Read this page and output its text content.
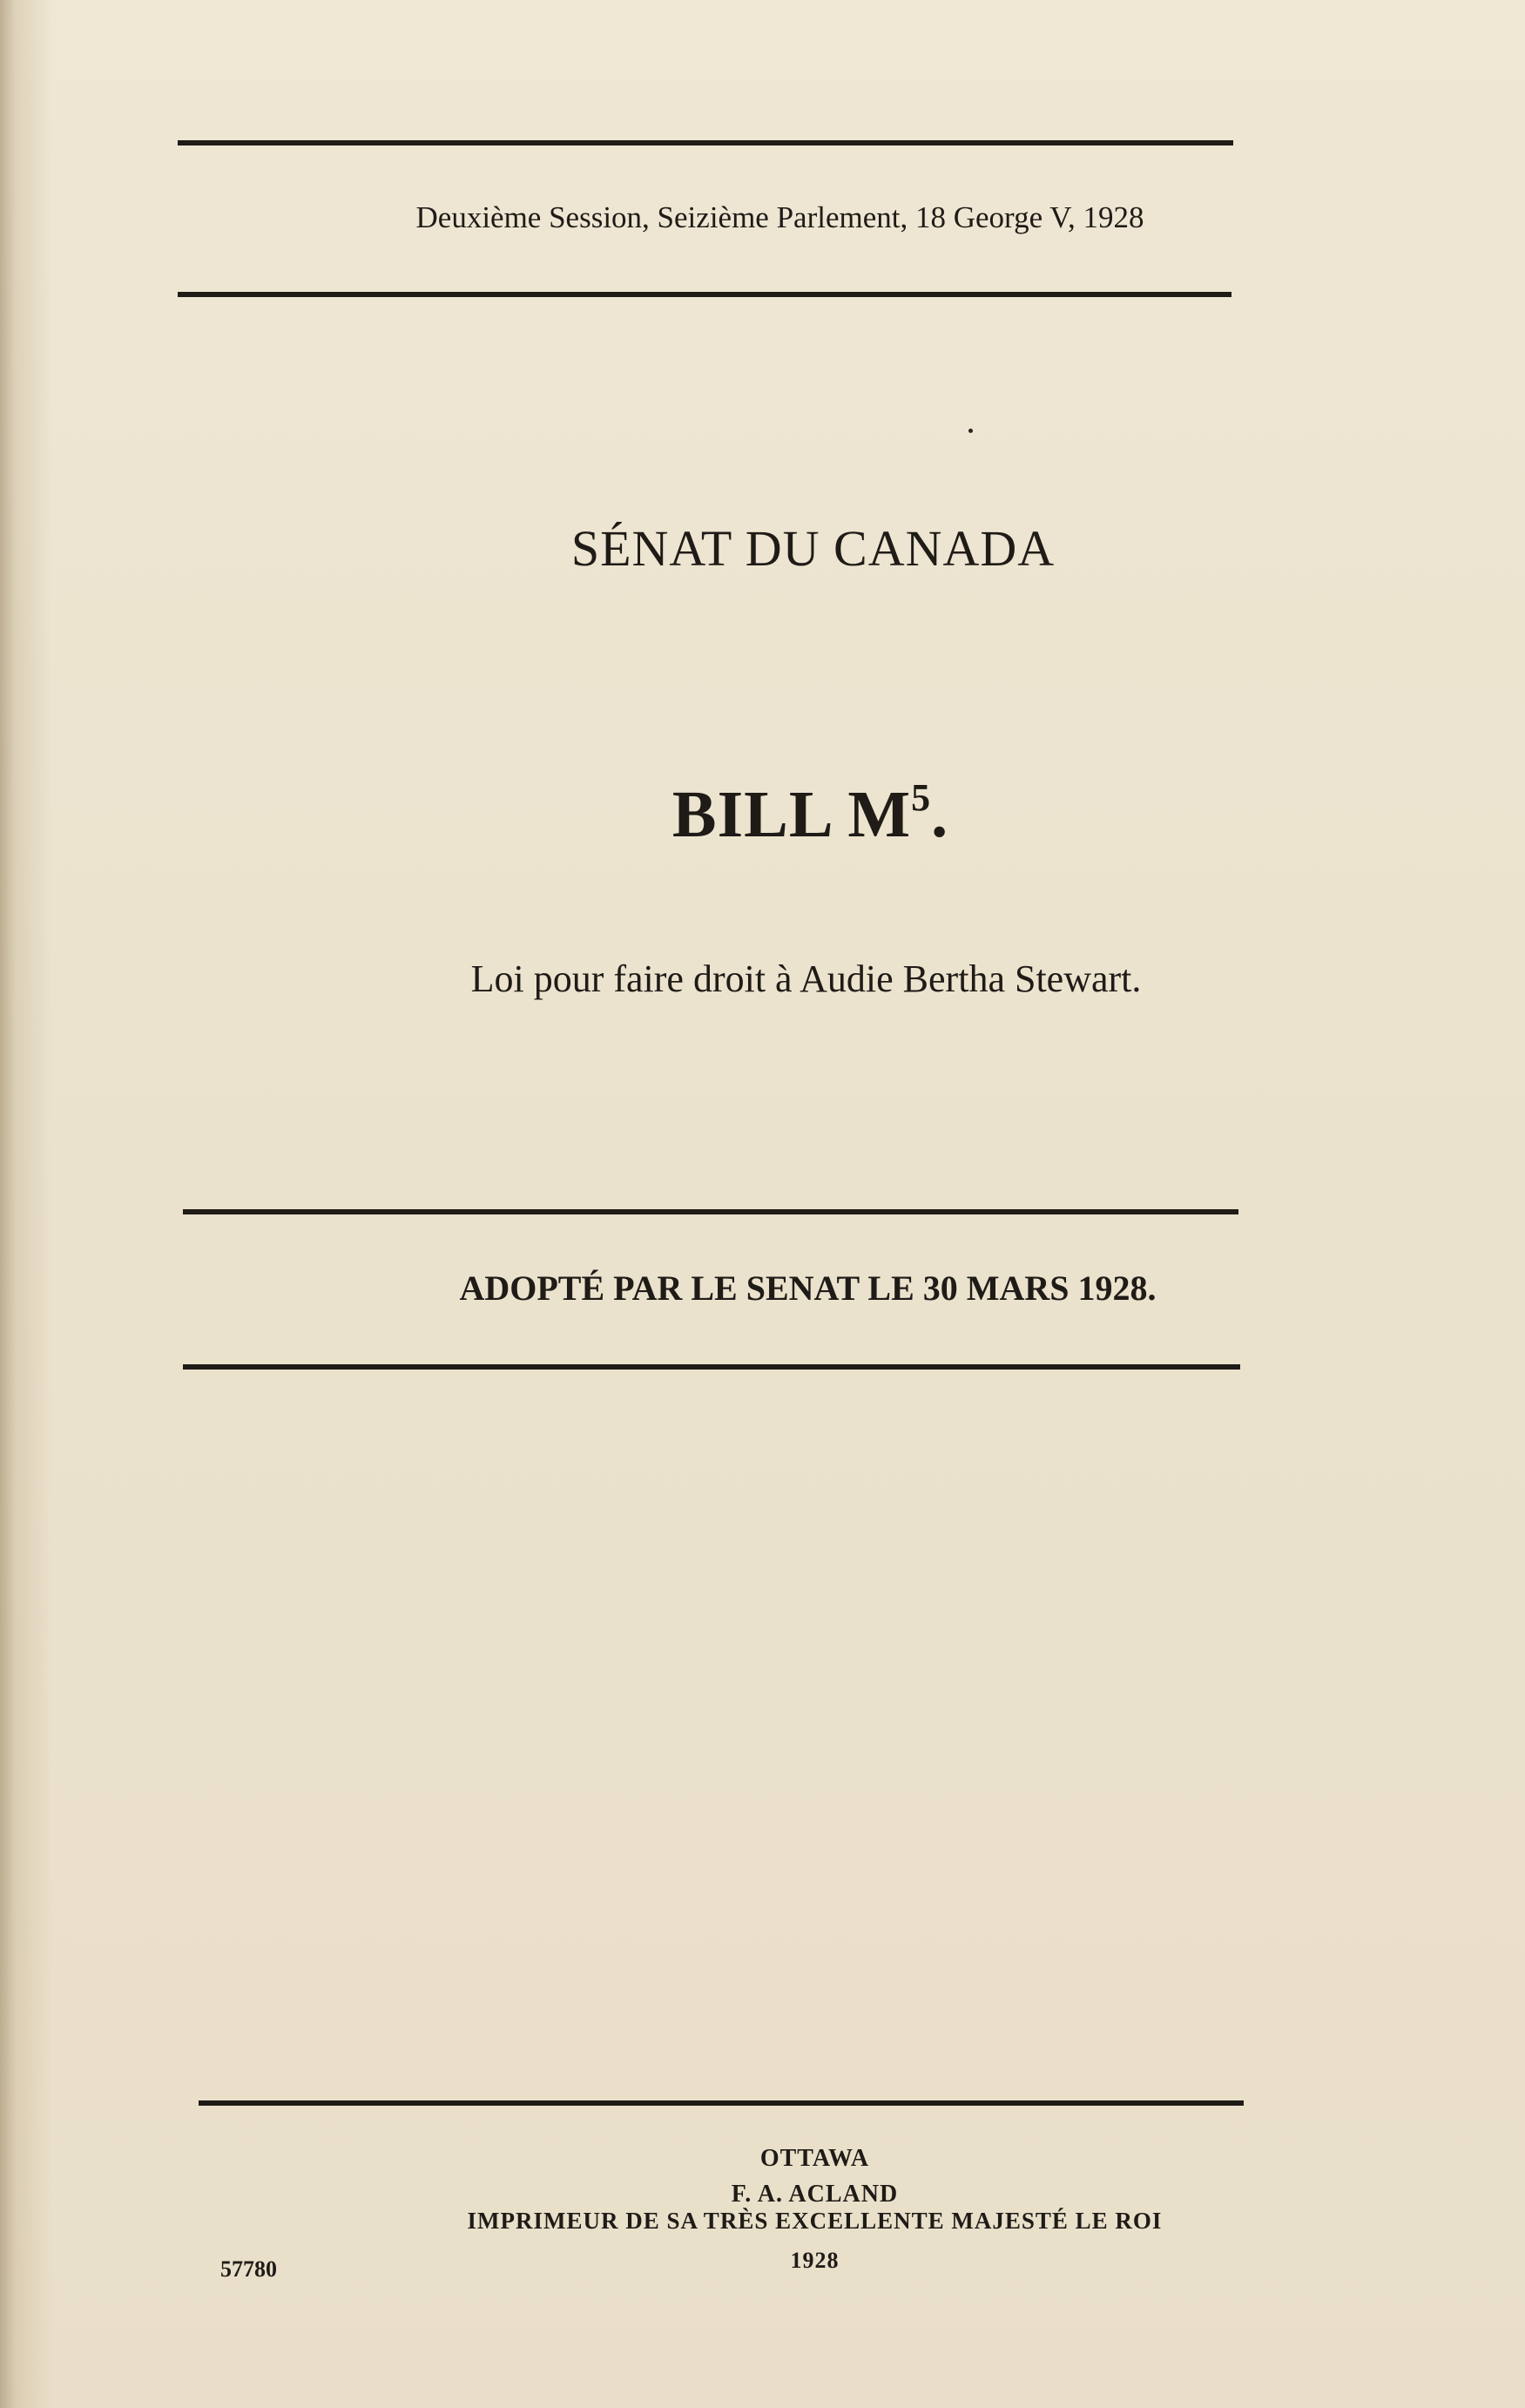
Deuxième Session, Seizième Parlement, 18 George V, 1928
SÉNAT DU CANADA
BILL $M^5$.
Loi pour faire droit à Audie Bertha Stewart.
ADOPTÉ PAR LE SENAT LE 30 MARS 1928.
OTTAWA
F. A. ACLAND
IMPRIMEUR DE SA TRÈS EXCELLENTE MAJESTÉ LE ROI
1928
57780
